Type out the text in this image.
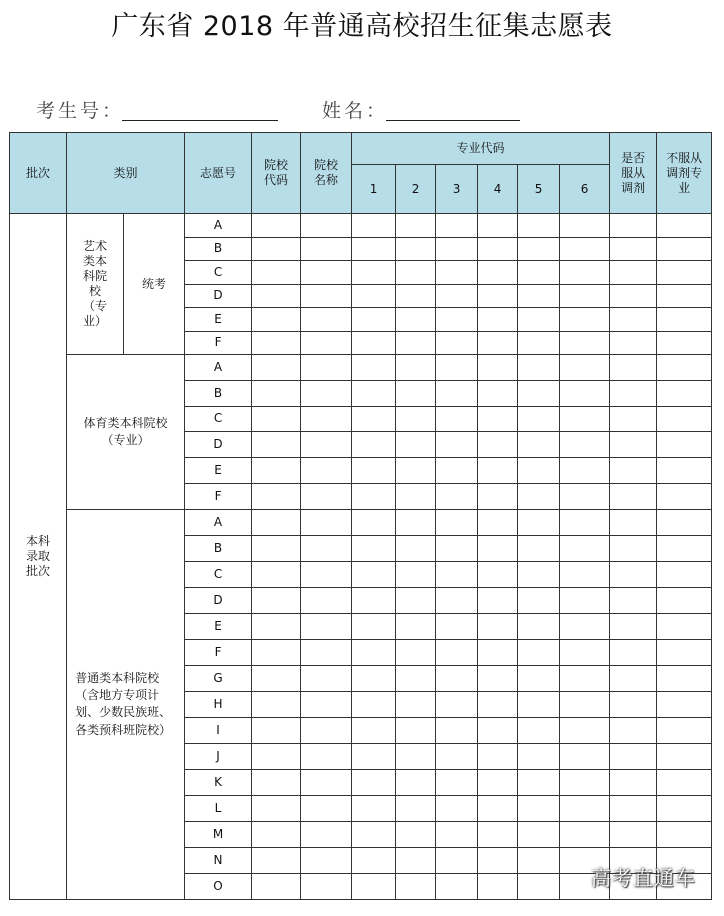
广东省 2018 年普通高校招生征集志愿表
考生号：	姓名：
批次	类别		志愿号	院校代码	院校名称	专业代码						是否服从调剂	不服从调剂专业
						1	2	3	4	5	6		
本科录取批次	艺术类本科院校（专业）	统考	A										
			B										
			C										
			D										
			E										
			F										
	体育类本科院校（专业）		A										
			B										
			C										
			D										
			E										
			F										
	普通类本科院校（含地方专项计划、少数民族班、各类预科班院校）		A										
			B										
			C										
			D										
			E										
			F										
			G										
			H										
			I										
			J										
			K										
			L										
			M										
			N										
			O											高考直通车
